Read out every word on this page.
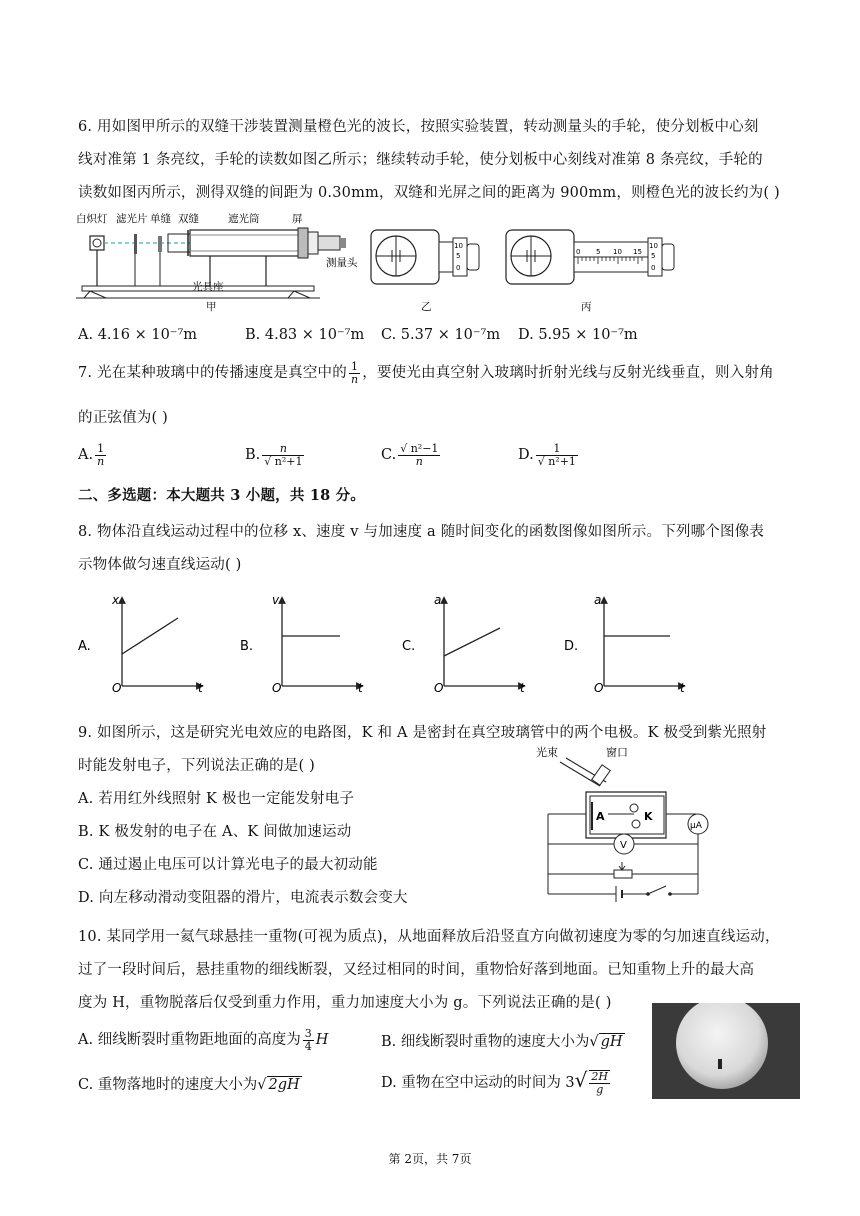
6. 用如图甲所示的双缝干涉装置测量橙色光的波长，按照实验装置，转动测量头的手轮，使分划板中心刻
线对准第 1 条亮纹，手轮的读数如图乙所示；继续转动手轮，使分划板中心刻线对准第 8 条亮纹，手轮的
读数如图丙所示，测得双缝的间距为 0.30mm，双缝和光屏之间的距离为 900mm，则橙色光的波长约为( )
白炽灯 滤光片 单缝 双缝	遮光筒	屏
测量头
光具座
甲
10
5
0
乙
0 5 10 15
10
5
0
丙
A. 4.16 × 10⁻⁷m	B. 4.83 × 10⁻⁷m C. 5.37 × 10⁻⁷m D. 5.95 × 10⁻⁷m
7. 光在某种玻璃中的传播速度是真空中的 $\frac{1}{n}$ ，要使光由真空射入玻璃时折射光线与反射光线垂直，则入射角
的正弦值为( )
A. $\frac{1}{n}$	B. $\frac{n}{\text{√ n²+1}}$	C. $\frac{\text{√ n²−1}}{n}$	D. $\frac{1}{\text{√ n²+1}}$
二、多选题：本大题共 3 小题，共 18 分。
8. 物体沿直线运动过程中的位移 x、速度 v 与加速度 a 随时间变化的函数图像如图所示。下列哪个图像表
示物体做匀速直线运动( )
A.
x
t
O
B.
v
t
O
C.
a
t
O
D.
a
t
O
9. 如图所示，这是研究光电效应的电路图，K 和 A 是密封在真空玻璃管中的两个电极。K 极受到紫光照射
时能发射电子，下列说法正确的是( )
A. 若用红外线照射 K 极也一定能发射电子
B. K 极发射的电子在 A、K 间做加速运动
C. 通过遏止电压可以计算光电子的最大初动能
D. 向左移动滑动变阻器的滑片，电流表示数会变大
光束	窗口
A	K
μA
V
10. 某同学用一氦气球悬挂一重物(可视为质点)，从地面释放后沿竖直方向做初速度为零的匀加速直线运动，
过了一段时间后，悬挂重物的细线断裂，又经过相同的时间，重物恰好落到地面。已知重物上升的最大高
度为 H，重物脱落后仅受到重力作用，重力加速度大小为 g。下列说法正确的是( )
A. 细线断裂时重物距地面的高度为 $\frac{3}{4}$ H	B. 细线断裂时重物的速度大小为√ gH
C. 重物落地时的速度大小为√ 2gH	D. 重物在空中运动的时间为 $3√ \frac{2H}{g}$
第 2页，共 7页
